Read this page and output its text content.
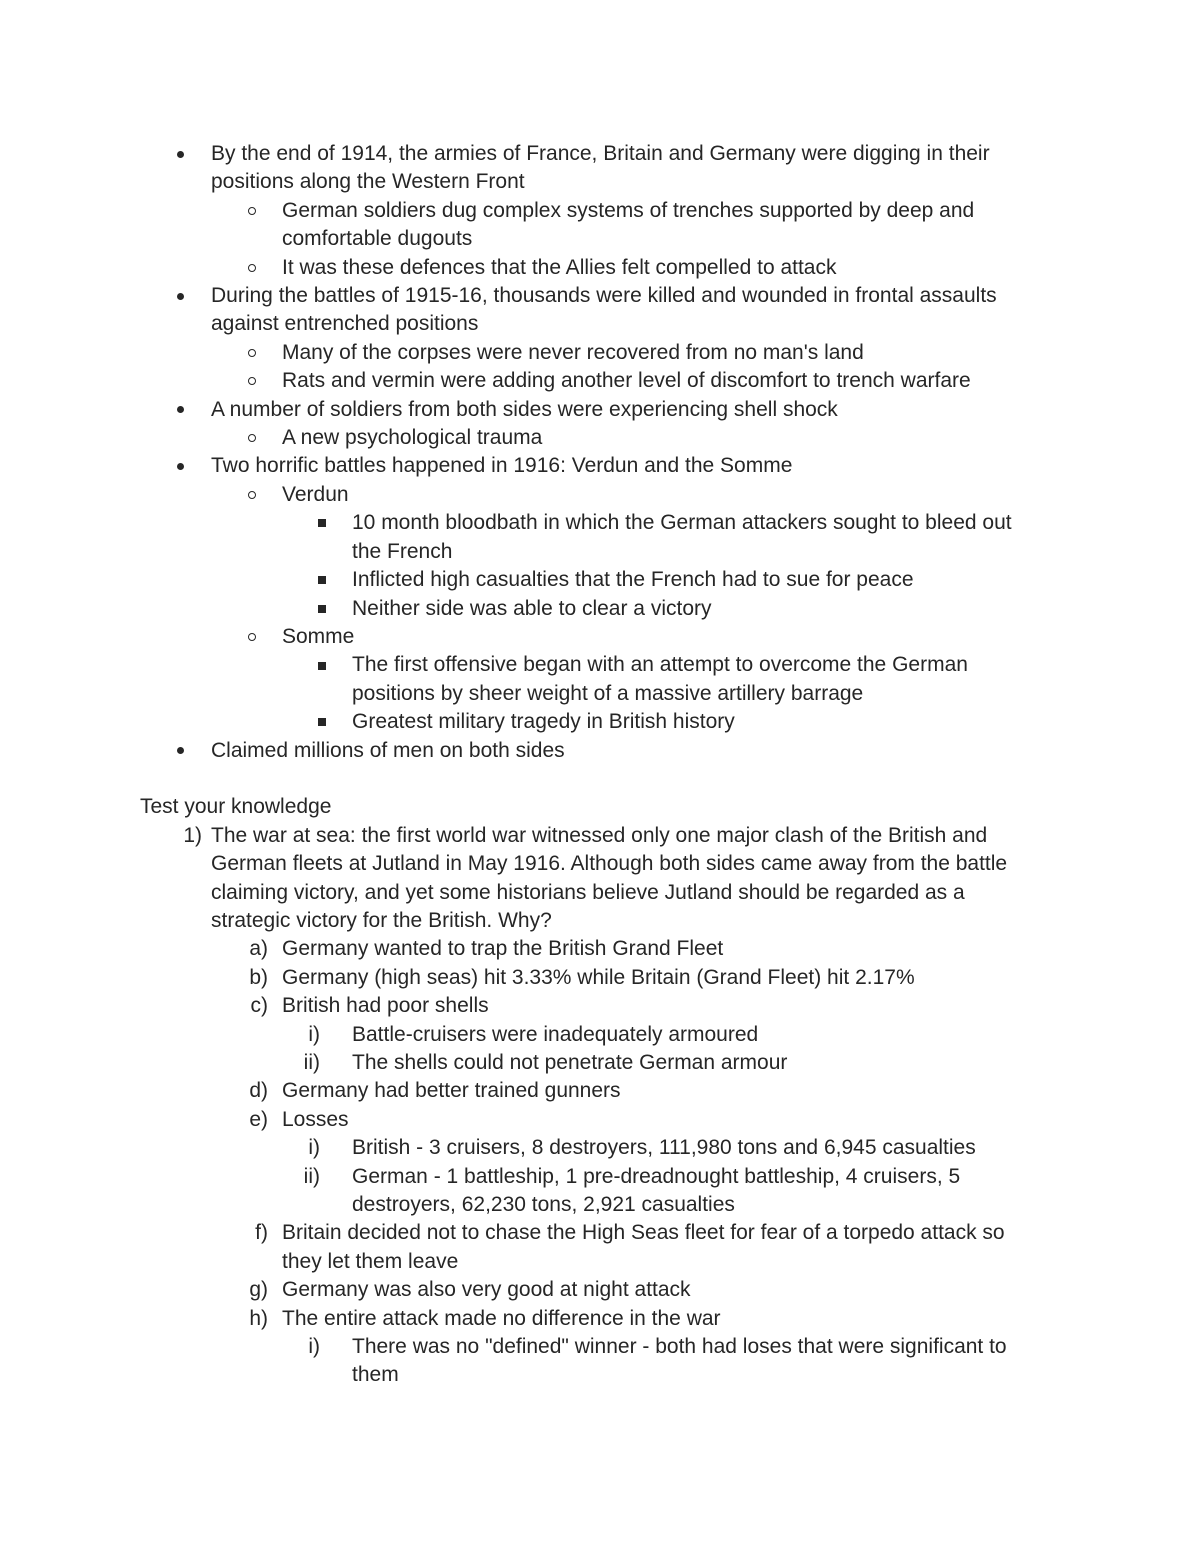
By the end of 1914, the armies of France, Britain and Germany were digging in their positions along the Western Front
German soldiers dug complex systems of trenches supported by deep and comfortable dugouts
It was these defences that the Allies felt compelled to attack
During the battles of 1915-16, thousands were killed and wounded in frontal assaults against entrenched positions
Many of the corpses were never recovered from no man's land
Rats and vermin were adding another level of discomfort to trench warfare
A number of soldiers from both sides were experiencing shell shock
A new psychological trauma
Two horrific battles happened in 1916: Verdun and the Somme
Verdun
10 month bloodbath in which the German attackers sought to bleed out the French
Inflicted high casualties that the French had to sue for peace
Neither side was able to clear a victory
Somme
The first offensive began with an attempt to overcome the German positions by sheer weight of a massive artillery barrage
Greatest military tragedy in British history
Claimed millions of men on both sides
Test your knowledge
1) The war at sea: the first world war witnessed only one major clash of the British and German fleets at Jutland in May 1916. Although both sides came away from the battle claiming victory, and yet some historians believe Jutland should be regarded as a strategic victory for the British. Why?
a) Germany wanted to trap the British Grand Fleet
b) Germany (high seas) hit 3.33% while Britain (Grand Fleet) hit 2.17%
c) British had poor shells
i) Battle-cruisers were inadequately armoured
ii) The shells could not penetrate German armour
d) Germany had better trained gunners
e) Losses
i) British - 3 cruisers, 8 destroyers, 111,980 tons and 6,945 casualties
ii) German - 1 battleship, 1 pre-dreadnought battleship, 4 cruisers, 5 destroyers, 62,230 tons, 2,921 casualties
f) Britain decided not to chase the High Seas fleet for fear of a torpedo attack so they let them leave
g) Germany was also very good at night attack
h) The entire attack made no difference in the war
i) There was no "defined" winner - both had loses that were significant to them
